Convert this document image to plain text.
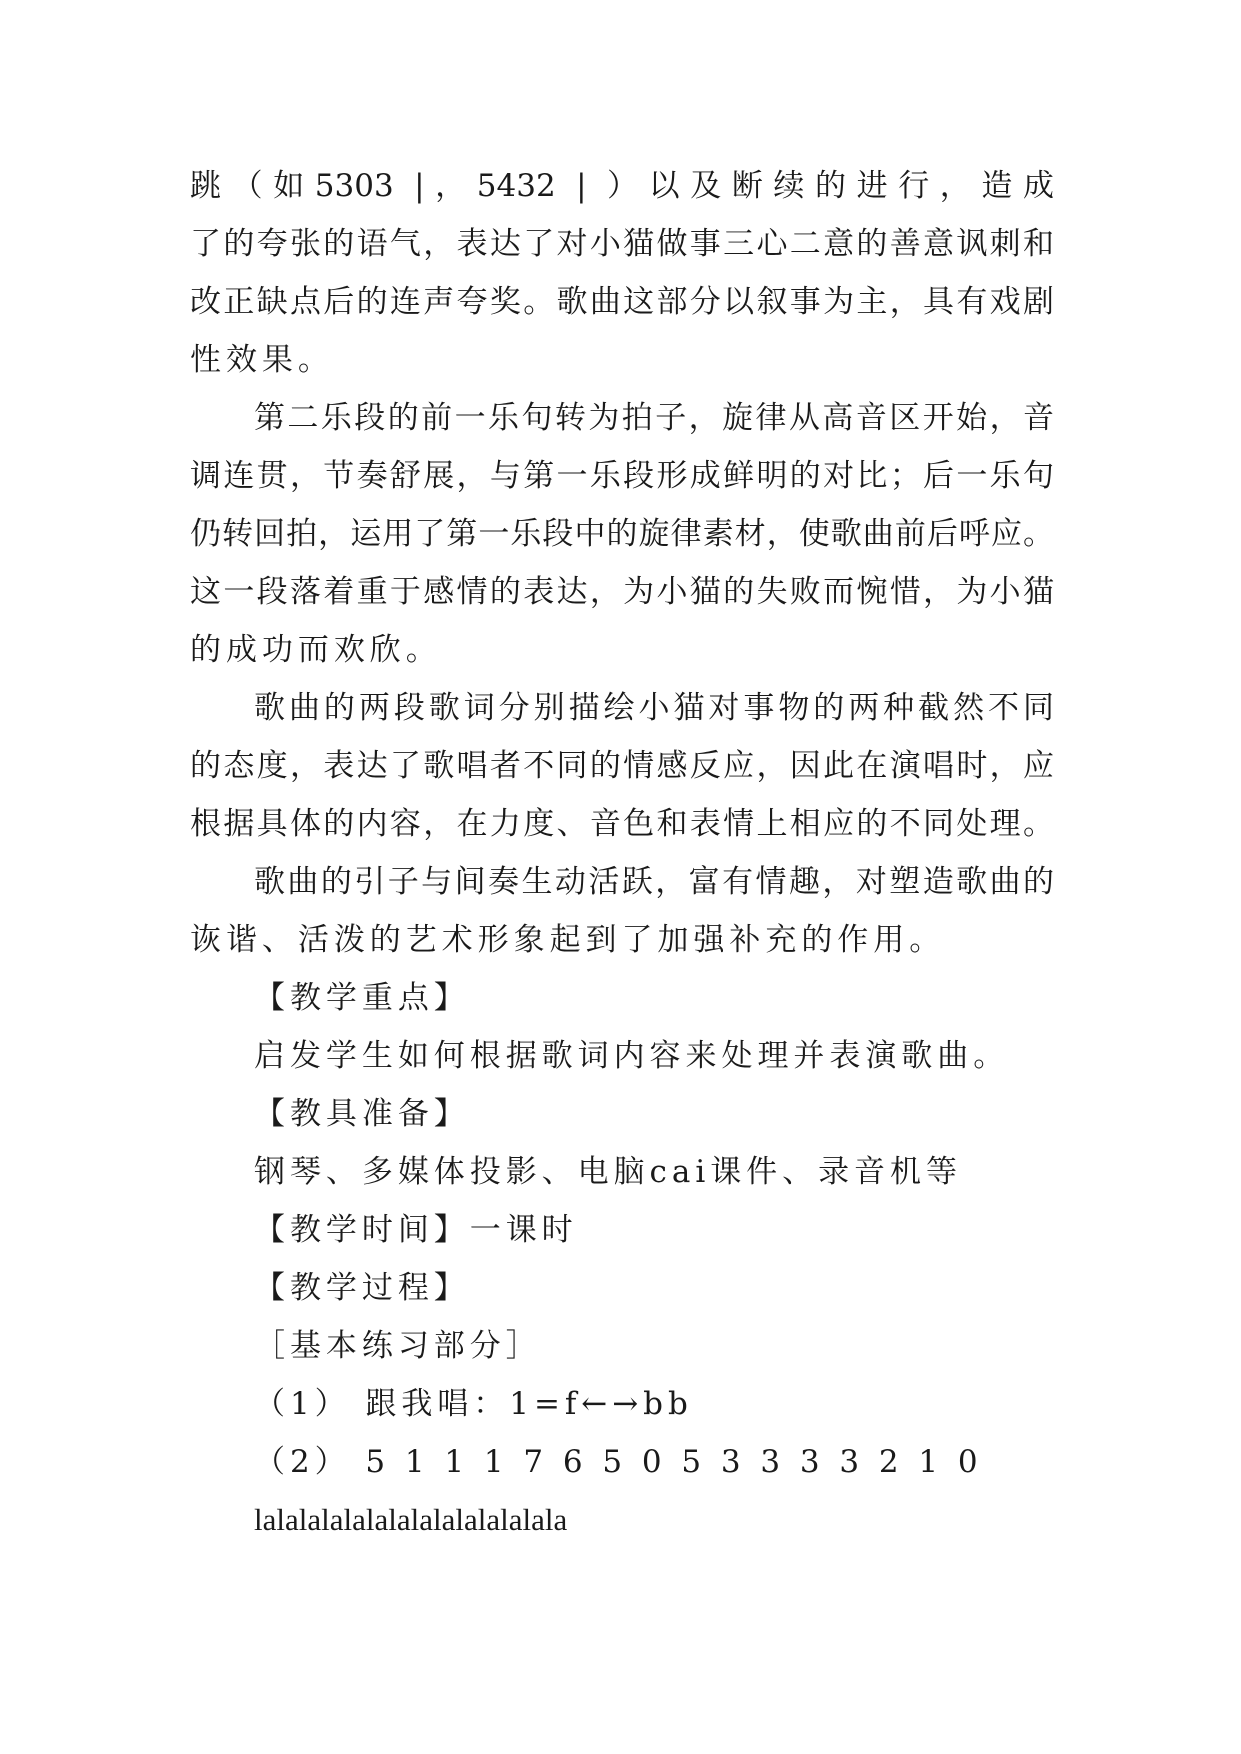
跳（如5303 |，5432 | ）以及断续的进行，造成
了的夸张的语气，表达了对小猫做事三心二意的善意讽刺和
改正缺点后的连声夸奖。歌曲这部分以叙事为主，具有戏剧
性效果。
第二乐段的前一乐句转为拍子，旋律从高音区开始，音
调连贯，节奏舒展，与第一乐段形成鲜明的对比；后一乐句
仍转回拍，运用了第一乐段中的旋律素材，使歌曲前后呼应。
这一段落着重于感情的表达，为小猫的失败而惋惜，为小猫
的成功而欢欣。
歌曲的两段歌词分别描绘小猫对事物的两种截然不同
的态度，表达了歌唱者不同的情感反应，因此在演唱时，应
根据具体的内容，在力度、音色和表情上相应的不同处理。
歌曲的引子与间奏生动活跃，富有情趣，对塑造歌曲的
诙谐、活泼的艺术形象起到了加强补充的作用。
【教学重点】
启发学生如何根据歌词内容来处理并表演歌曲。
【教具准备】
钢琴、多媒体投影、电脑cai课件、录音机等
【教学时间】一课时
【教学过程】
［基本练习部分］
（1） 跟我唱：1=f←→bb
（2） 5 1 1 1 7 6 5 0 5 3 3 3 3 2 1 0
lalalalalalalalalalalalalala
